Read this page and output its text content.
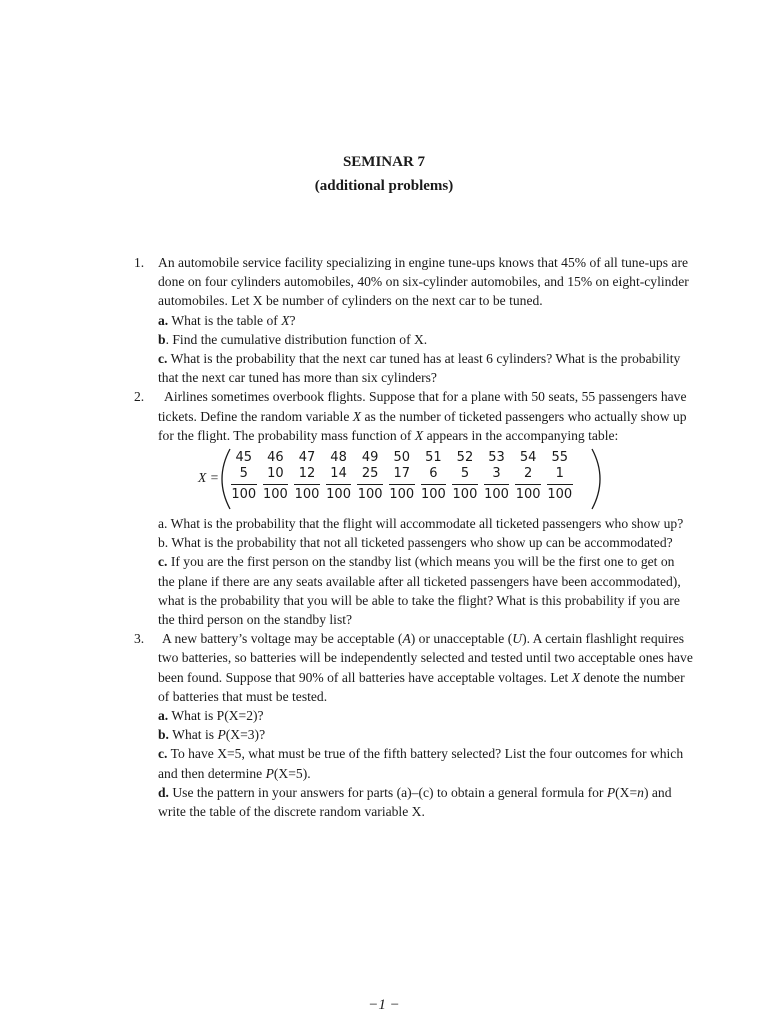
SEMINAR 7
(additional problems)
1. An automobile service facility specializing in engine tune-ups knows that 45% of all tune-ups are done on four cylinders automobiles, 40% on six-cylinder automobiles, and 15% on eight-cylinder automobiles. Let X be number of cylinders on the next car to be tuned.

a. What is the table of X?

b. Find the cumulative distribution function of X.

c. What is the probability that the next car tuned has at least 6 cylinders? What is the probability that the next car tuned has more than six cylinders?

2.	Airlines sometimes overbook flights. Suppose that for a plane with 50 seats, 55 passengers have tickets. Define the random variable X as the number of ticketed passengers who actually show up for the flight. The probability mass function of X appears in the accompanying table:

X =
45
5
100
46
10
100
47
12
100
48
14
100
49
25
100
50
17
100
51
6
100
52
5
100
53
3
100
54
2
100
55
1
100

a. What is the probability that the flight will accommodate all ticketed passengers who show up?

b. What is the probability that not all ticketed passengers who show up can be accommodated?

c. If you are the first person on the standby list (which means you will be the first one to get on the plane if there are any seats available after all ticketed passengers have been accommodated), what is the probability that you will be able to take the flight? What is this probability if you are the third person on the standby list?

3. A new battery’s voltage may be acceptable (A) or unacceptable (U). A certain flashlight requires two batteries, so batteries will be independently selected and tested until two acceptable ones have been found. Suppose that 90% of all batteries have acceptable voltages. Let X denote the number of batteries that must be tested.

a. What is P(X=2)?

b. What is P(X=3)?

c. To have X=5, what must be true of the fifth battery selected? List the four outcomes for which and then determine P(X=5).

d. Use the pattern in your answers for parts (a)–(c) to obtain a general formula for P(X=n) and write the table of the discrete random variable X.

−1 −
